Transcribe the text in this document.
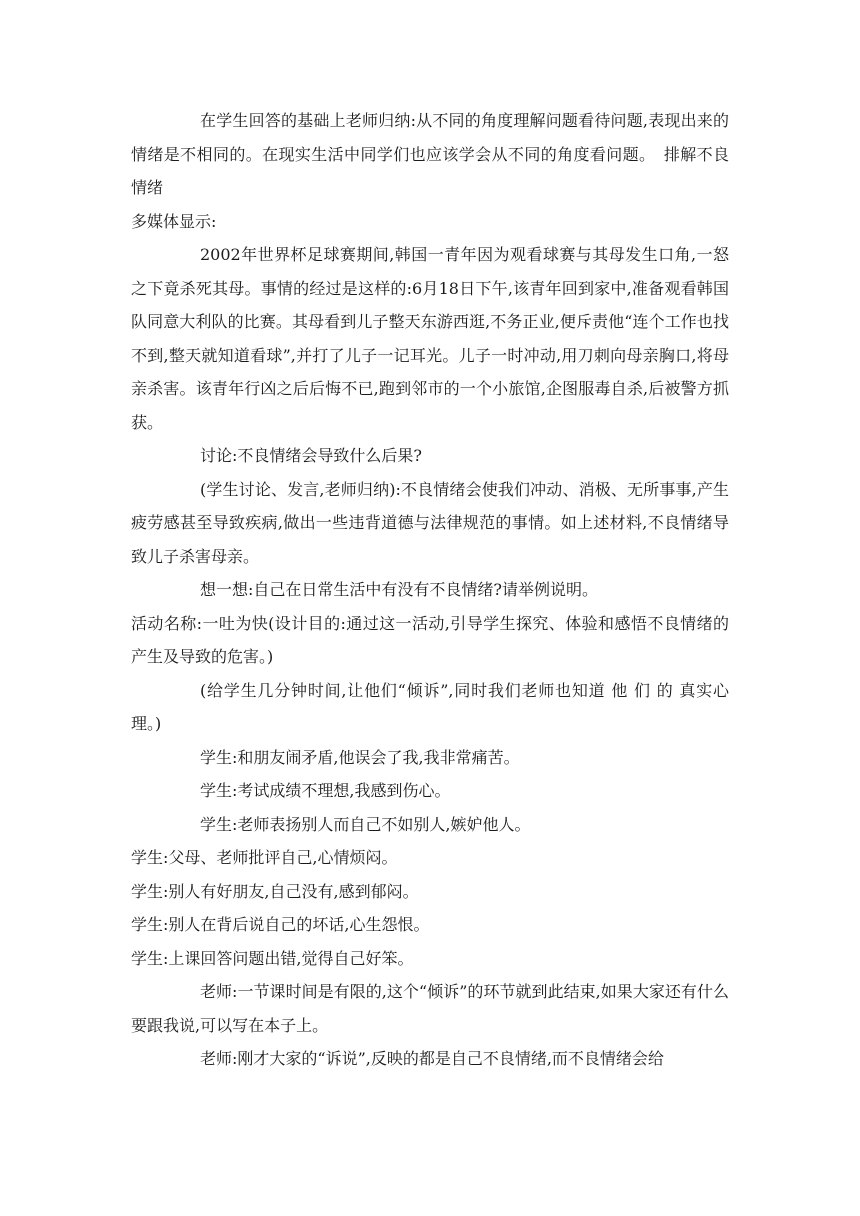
在学生回答的基础上老师归纳:从不同的角度理解问题看待问题,表现出来的情绪是不相同的。在现实生活中同学们也应该学会从不同的角度看问题。　排解不良情绪

多媒体显示:

2002年世界杯足球赛期间,韩国一青年因为观看球赛与其母发生口角,一怒之下竟杀死其母。事情的经过是这样的:6月18日下午,该青年回到家中,准备观看韩国队同意大利队的比赛。其母看到儿子整天东游西逛,不务正业,便斥责他“连个工作也找不到,整天就知道看球”,并打了儿子一记耳光。儿子一时冲动,用刀刺向母亲胸口,将母亲杀害。该青年行凶之后后悔不已,跑到邻市的一个小旅馆,企图服毒自杀,后被警方抓获。

讨论:不良情绪会导致什么后果?

(学生讨论、发言,老师归纳):不良情绪会使我们冲动、消极、无所事事,产生疲劳感甚至导致疾病,做出一些违背道德与法律规范的事情。如上述材料,不良情绪导致儿子杀害母亲。

想一想:自己在日常生活中有没有不良情绪?请举例说明。

活动名称:一吐为快(设计目的:通过这一活动,引导学生探究、体验和感悟不良情绪的产生及导致的危害。)

(给学生几分钟时间,让他们“倾诉”,同时我们老师也知道 他 们 的 真实心理。)

学生:和朋友闹矛盾,他误会了我,我非常痛苦。

学生:考试成绩不理想,我感到伤心。

学生:老师表扬别人而自己不如别人,嫉妒他人。

学生:父母、老师批评自己,心情烦闷。

学生:别人有好朋友,自己没有,感到郁闷。

学生:别人在背后说自己的坏话,心生怨恨。

学生:上课回答问题出错,觉得自己好笨。

老师:一节课时间是有限的,这个“倾诉”的环节就到此结束,如果大家还有什么要跟我说,可以写在本子上。

老师:刚才大家的“诉说”,反映的都是自己不良情绪,而不良情绪会给
